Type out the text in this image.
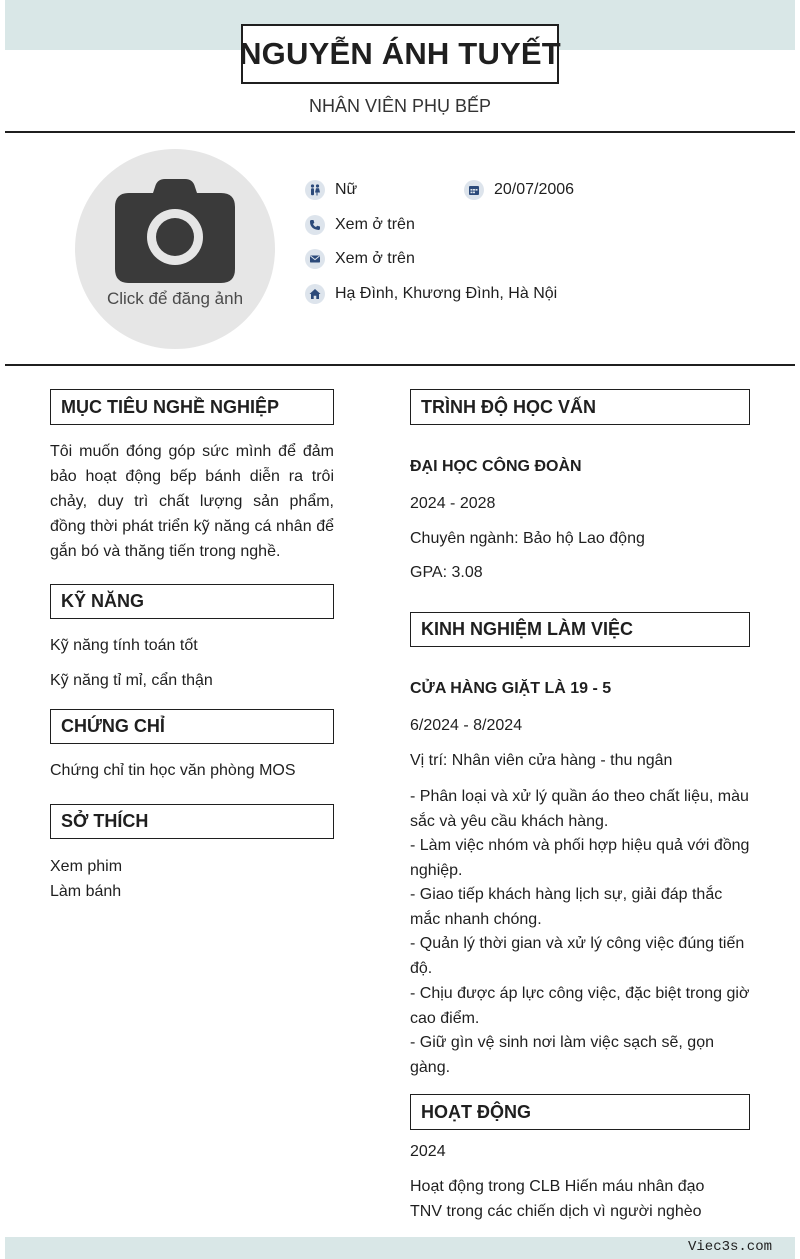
NGUYỄN ÁNH TUYẾT
NHÂN VIÊN PHỤ BẾP
Click để đăng ảnh
Nữ	20/07/2006
Xem ở trên
Xem ở trên
Hạ Đình, Khương Đình, Hà Nội
MỤC TIÊU NGHỀ NGHIỆP
Tôi muốn đóng góp sức mình để đảm bảo hoạt động bếp bánh diễn ra trôi chảy, duy trì chất lượng sản phẩm, đồng thời phát triển kỹ năng cá nhân để gắn bó và thăng tiến trong nghề.
KỸ NĂNG
Kỹ năng tính toán tốt
Kỹ năng tỉ mỉ, cẩn thận
CHỨNG CHỈ
Chứng chỉ tin học văn phòng MOS
SỞ THÍCH
Xem phim
Làm bánh
TRÌNH ĐỘ HỌC VẤN
ĐẠI HỌC CÔNG ĐOÀN
2024 - 2028
Chuyên ngành: Bảo hộ Lao động
GPA: 3.08
KINH NGHIỆM LÀM VIỆC
CỬA HÀNG GIẶT LÀ 19 - 5
6/2024 - 8/2024
Vị trí: Nhân viên cửa hàng - thu ngân
- Phân loại và xử lý quần áo theo chất liệu, màu sắc và yêu cầu khách hàng.
- Làm việc nhóm và phối hợp hiệu quả với đồng nghiệp.
- Giao tiếp khách hàng lịch sự, giải đáp thắc mắc nhanh chóng.
- Quản lý thời gian và xử lý công việc đúng tiến độ.
- Chịu được áp lực công việc, đặc biệt trong giờ cao điểm.
- Giữ gìn vệ sinh nơi làm việc sạch sẽ, gọn gàng.
HOẠT ĐỘNG
2024
Hoạt động trong CLB Hiến máu nhân đạo TNV trong các chiến dịch vì người nghèo
Viec3s.com
